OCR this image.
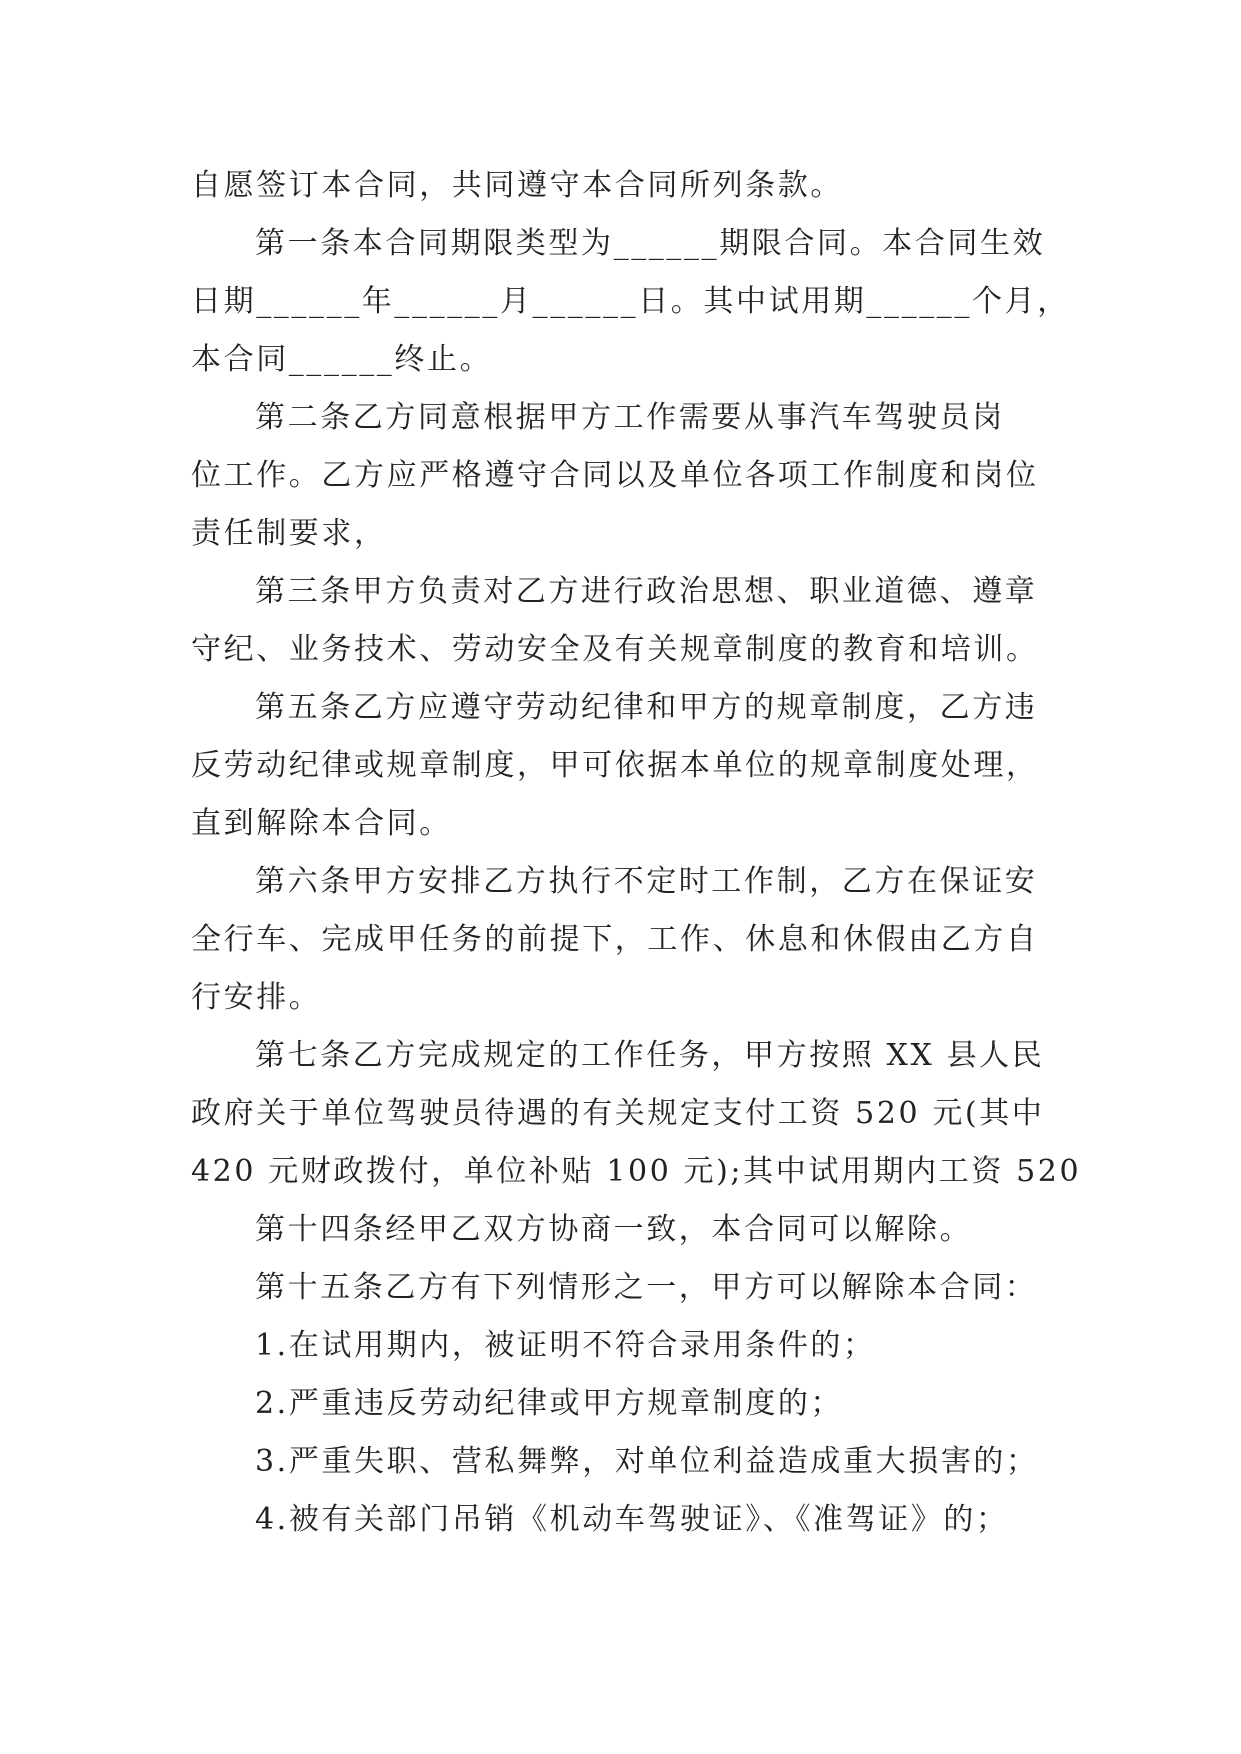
自愿签订本合同，共同遵守本合同所列条款。
第一条本合同期限类型为______期限合同。本合同生效
日期______年______月______日。其中试用期______个月，
本合同______终止。
第二条乙方同意根据甲方工作需要从事汽车驾驶员岗
位工作。乙方应严格遵守合同以及单位各项工作制度和岗位
责任制要求，
第三条甲方负责对乙方进行政治思想、职业道德、遵章
守纪、业务技术、劳动安全及有关规章制度的教育和培训。
第五条乙方应遵守劳动纪律和甲方的规章制度，乙方违
反劳动纪律或规章制度，甲可依据本单位的规章制度处理，
直到解除本合同。
第六条甲方安排乙方执行不定时工作制，乙方在保证安
全行车、完成甲任务的前提下，工作、休息和休假由乙方自
行安排。
第七条乙方完成规定的工作任务，甲方按照 XX 县人民
政府关于单位驾驶员待遇的有关规定支付工资 520 元(其中
420 元财政拨付，单位补贴 100 元);其中试用期内工资 520
第十四条经甲乙双方协商一致，本合同可以解除。
第十五条乙方有下列情形之一，甲方可以解除本合同：
1.在试用期内，被证明不符合录用条件的；
2.严重违反劳动纪律或甲方规章制度的；
3.严重失职、营私舞弊，对单位利益造成重大损害的；
4.被有关部门吊销《机动车驾驶证》、《准驾证》的；
